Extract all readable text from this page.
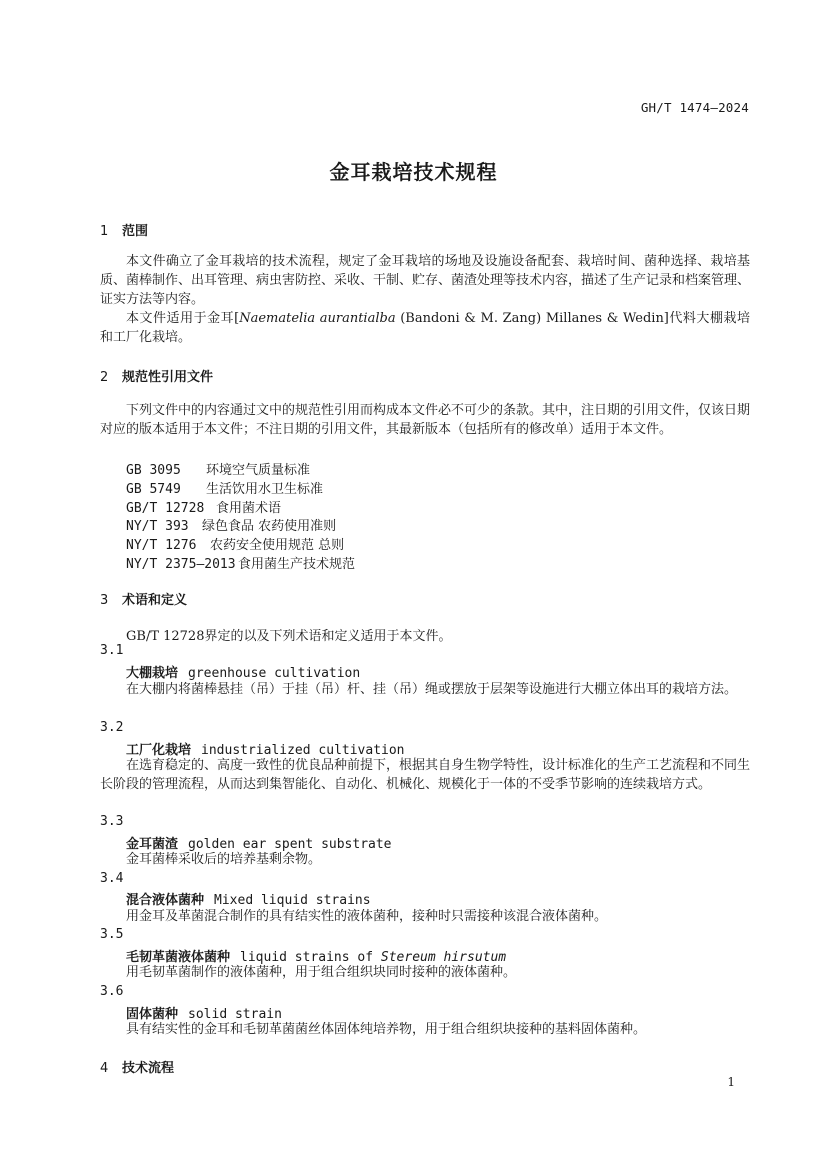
GH/T 1474—2024
金耳栽培技术规程
1 范围
本文件确立了金耳栽培的技术流程，规定了金耳栽培的场地及设施设备配套、栽培时间、菌种选择、栽培基质、菌棒制作、出耳管理、病虫害防控、采收、干制、贮存、菌渣处理等技术内容，描述了生产记录和档案管理、证实方法等内容。
本文件适用于金耳[Naematelia aurantialba (Bandoni & M. Zang) Millanes & Wedin]代料大棚栽培和工厂化栽培。
2 规范性引用文件
下列文件中的内容通过文中的规范性引用而构成本文件必不可少的条款。其中，注日期的引用文件，仅该日期对应的版本适用于本文件；不注日期的引用文件，其最新版本（包括所有的修改单）适用于本文件。
GB 3095 环境空气质量标准
GB 5749 生活饮用水卫生标准
GB/T 12728 食用菌术语
NY/T 393 绿色食品 农药使用准则
NY/T 1276 农药安全使用规范 总则
NY/T 2375—2013 食用菌生产技术规范
3 术语和定义
GB/T 12728界定的以及下列术语和定义适用于本文件。
3.1
大棚栽培 greenhouse cultivation
在大棚内将菌棒悬挂（吊）于挂（吊）杆、挂（吊）绳或摆放于层架等设施进行大棚立体出耳的栽培方法。
3.2
工厂化栽培 industrialized cultivation
在选育稳定的、高度一致性的优良品种前提下，根据其自身生物学特性，设计标准化的生产工艺流程和不同生长阶段的管理流程，从而达到集智能化、自动化、机械化、规模化于一体的不受季节影响的连续栽培方式。
3.3
金耳菌渣 golden ear spent substrate
金耳菌棒采收后的培养基剩余物。
3.4
混合液体菌种 Mixed liquid strains
用金耳及革菌混合制作的具有结实性的液体菌种，接种时只需接种该混合液体菌种。
3.5
毛韧革菌液体菌种 liquid strains of Stereum hirsutum
用毛韧革菌制作的液体菌种，用于组合组织块同时接种的液体菌种。
3.6
固体菌种 solid strain
具有结实性的金耳和毛韧革菌菌丝体固体纯培养物，用于组合组织块接种的基料固体菌种。
4 技术流程
1
